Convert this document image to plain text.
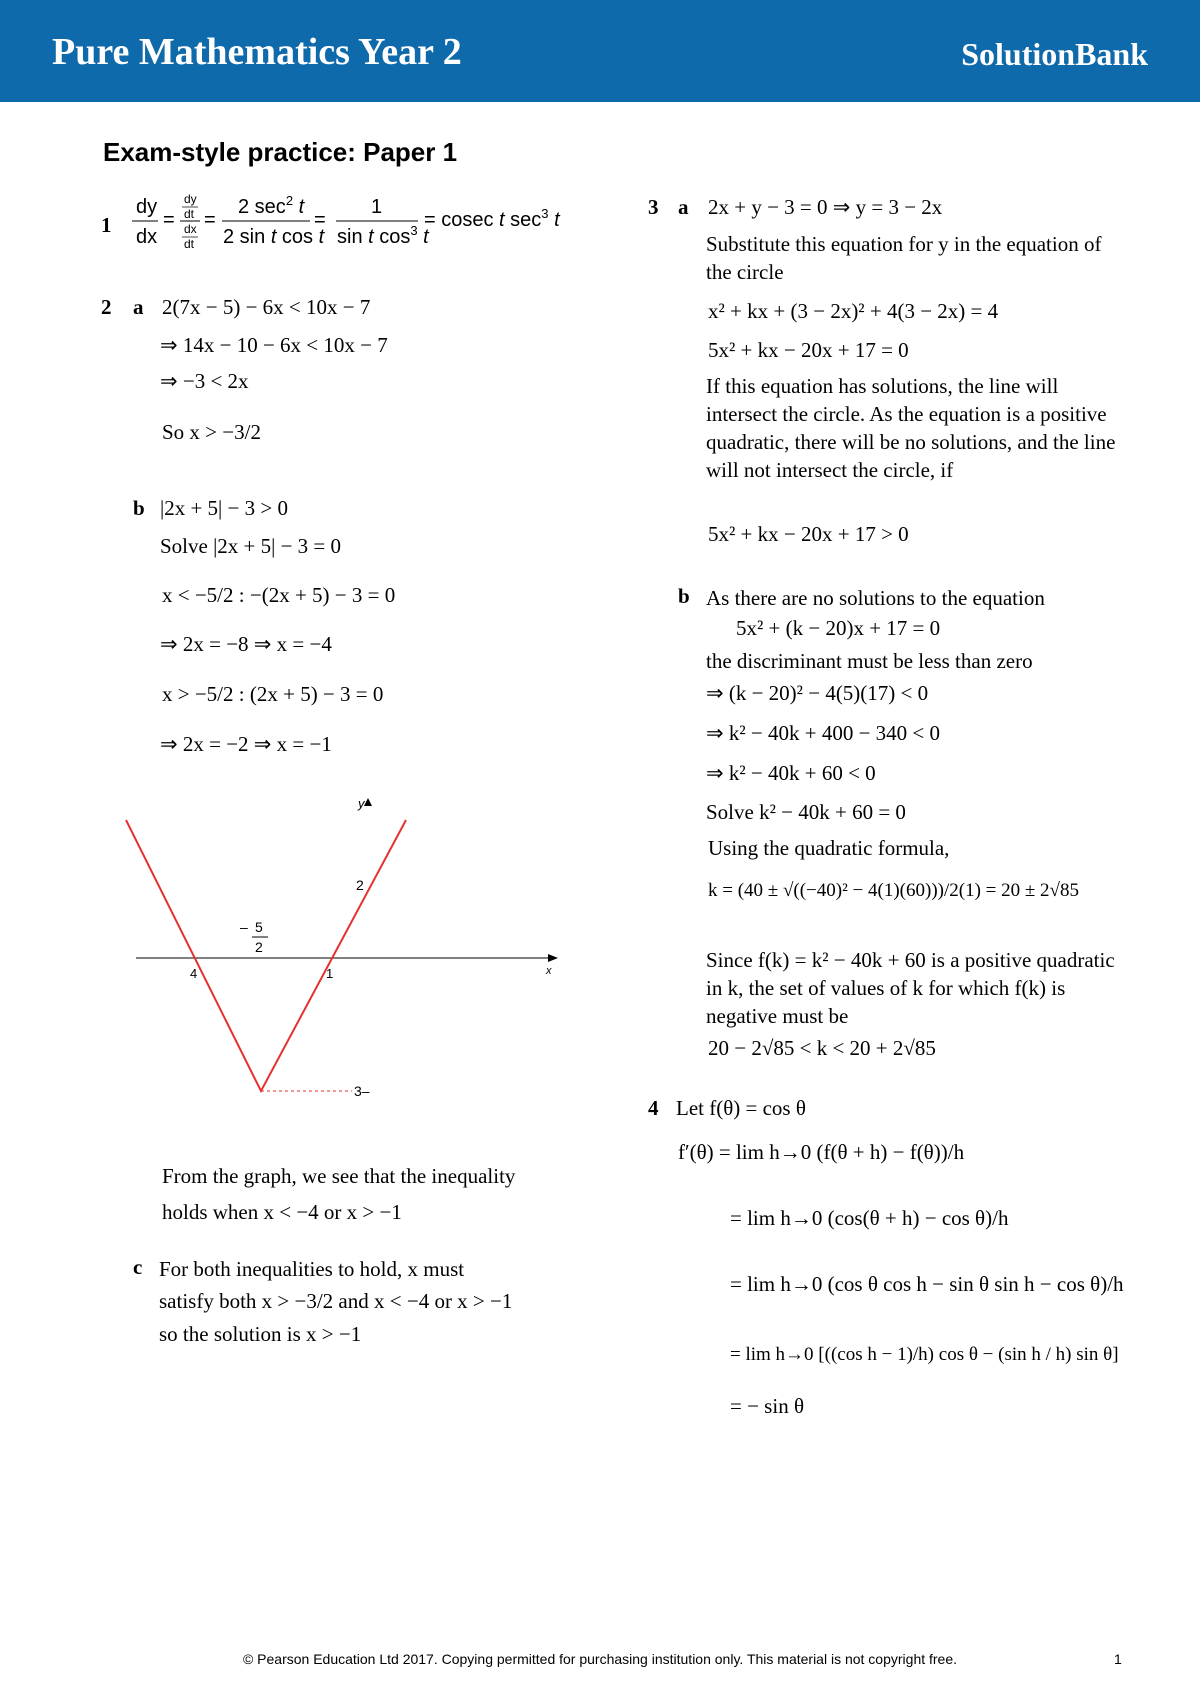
Pure Mathematics Year 2	SolutionBank
Exam-style practice: Paper 1
1
dy
dx
=
dy
dt
dx
dt
=
2 $\sec^2 t$
2 sin t cos t
=
1
sin t $\cos^3 t$
= cosec t $\sec^3 t$
2 a 2(7x − 5) − 6x < 10x − 7
⇒ 14x − 10 − 6x < 10x − 7
⇒ −3 < 2x
So x > −3/2
b |2x + 5| − 3 > 0
Solve |2x + 5| − 3 = 0
x < −5/2 : −(2x + 5) − 3 = 0
⇒ 2x = −8 ⇒ x = −4
x > −5/2 : (2x + 5) − 3 = 0
⇒ 2x = −2 ⇒ x = −1
x
y
3–
2
– 5
2
4	1
From the graph, we see that the inequality
holds when x < −4 or x > −1
c For both inequalities to hold, x must
satisfy both x > −3/2 and x < −4 or x > −1
so the solution is x > −1
3 a 2x + y − 3 = 0 ⇒ y = 3 − 2x
Substitute this equation for y in the equation of the circle
x² + kx + (3 − 2x)² + 4(3 − 2x) = 4
5x² + kx − 20x + 17 = 0
If this equation has solutions, the line will intersect the circle. As the equation is a positive quadratic, there will be no solutions, and the line will not intersect the circle, if
5x² + kx − 20x + 17 > 0
b As there are no solutions to the equation
5x² + (k − 20)x + 17 = 0
the discriminant must be less than zero
⇒ (k − 20)² − 4(5)(17) < 0
⇒ k² − 40k + 400 − 340 < 0
⇒ k² − 40k + 60 < 0
Solve k² − 40k + 60 = 0
Using the quadratic formula,
k = (40 ± √((−40)² − 4(1)(60)))/2(1) = 20 ± 2√85
Since f(k) = k² − 40k + 60 is a positive quadratic in k, the set of values of k for which f(k) is negative must be
20 − 2√85 < k < 20 + 2√85
4 Let f(θ) = cos θ
f′(θ) = lim h→0 (f(θ + h) − f(θ))/h
= lim h→0 (cos(θ + h) − cos θ)/h
= lim h→0 (cos θ cos h − sin θ sin h − cos θ)/h
= lim h→0 [((cos h − 1)/h) cos θ − (sin h / h) sin θ]
= − sin θ
© Pearson Education Ltd 2017. Copying permitted for purchasing institution only. This material is not copyright free.	1
